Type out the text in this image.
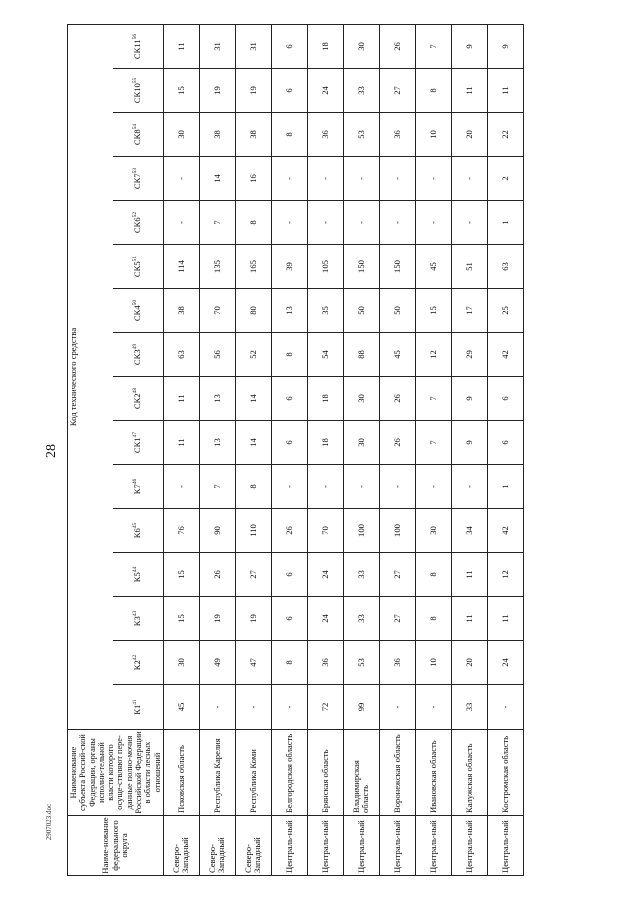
28
2907023.doc	Наиме-нование федерального округа	Наименование субъекта Россий-ской Федерации, органы исполни-тельной власти которого осуще-ствляют пере-данные полно-мочия Российской Федерации в области лесных отношений	Код технического средства															
		$К1^{41}$	$К2^{42}$	$К3^{43}$	$К5^{44}$	$К6^{45}$	$К7^{46}$	$СК1^{47}$	$СК2^{48}$	$СК3^{49}$	$СК4^{50}$	$СК5^{51}$	$СК6^{52}$	$СК7^{53}$	$СК8^{54}$	$СК10^{55}$	$СК11^{56}$
Северо-Западный	Псковская область	45	30	15	15	76	-	11	11	63	38	114	-	-	30	15	11
Северо-Западный	Республика Карелия	-	49	19	26	90	7	13	13	56	70	135	7	14	38	19	31
Северо-Западный	Республика Коми	-	47	19	27	110	8	14	14	52	80	165	8	16	38	19	31
Централь-ный	Белгородская область	-	8	6	6	26	-	6	6	8	13	39	-	-	8	6	6
Централь-ный	Брянская область	72	36	24	24	70	-	18	18	54	35	105	-	-	36	24	18
Централь-ный	Владимирская область	99	53	33	33	100	-	30	30	88	50	150	-	-	53	33	30
Централь-ный	Воронежская область	-	36	27	27	100	-	26	26	45	50	150	-	-	36	27	26
Централь-ный	Ивановская область	-	10	8	8	30	-	7	7	12	15	45	-	-	10	8	7
Централь-ный	Калужская область	33	20	11	11	34	-	9	9	29	17	51	-	-	20	11	9
Централь-ный	Костромская область	-	24	11	12	42	1	6	6	42	25	63	1	2	22	11	9
